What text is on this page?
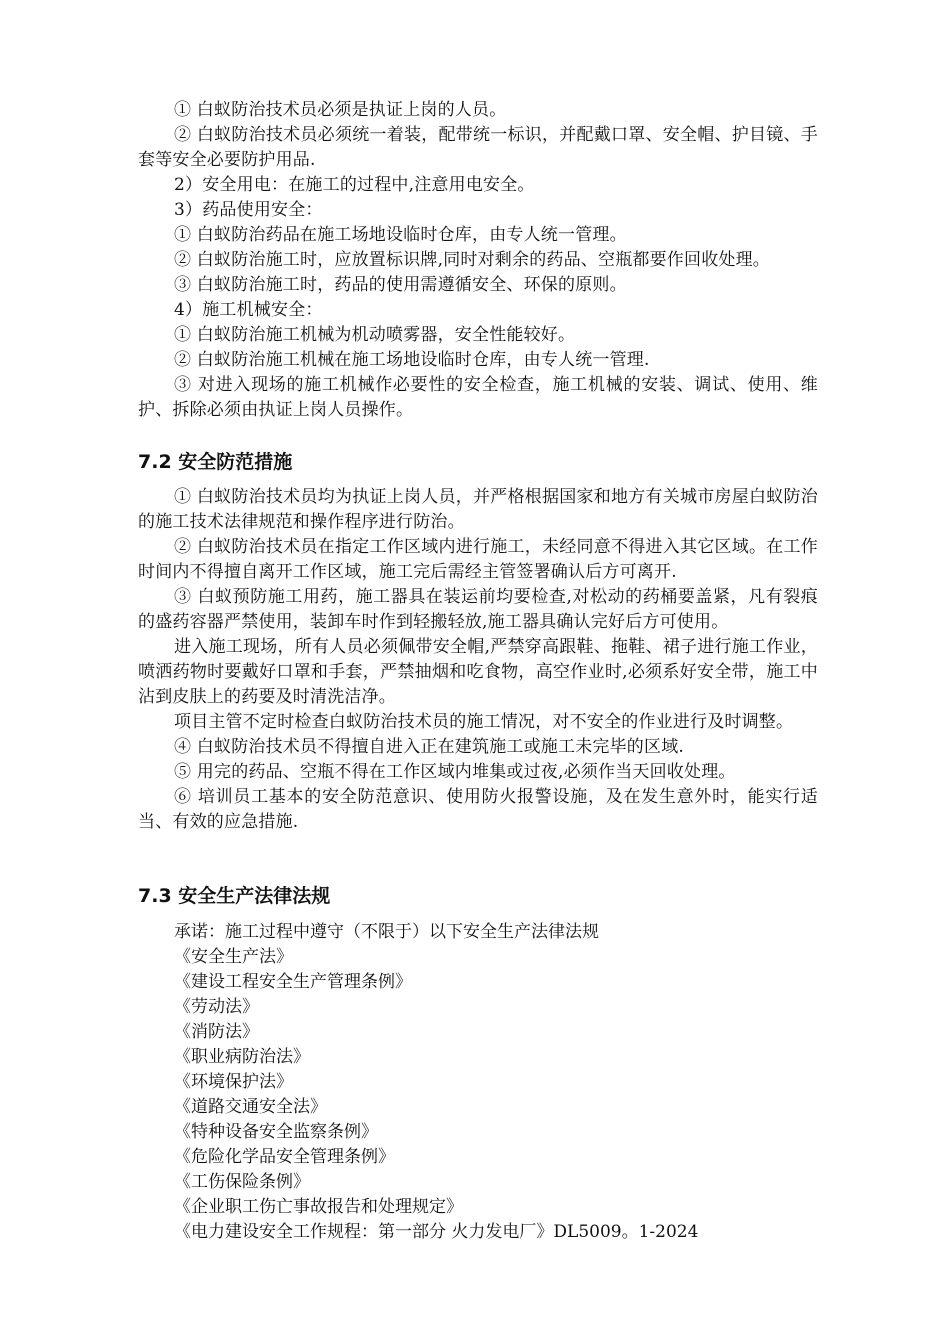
① 白蚁防治技术员必须是执证上岗的人员。

② 白蚁防治技术员必须统一着装，配带统一标识，并配戴口罩、安全帽、护目镜、手套等安全必要防护用品.

2）安全用电：在施工的过程中,注意用电安全。

3）药品使用安全：

① 白蚁防治药品在施工场地设临时仓库，由专人统一管理。

② 白蚁防治施工时，应放置标识牌,同时对剩余的药品、空瓶都要作回收处理。

③ 白蚁防治施工时，药品的使用需遵循安全、环保的原则。

4）施工机械安全：

① 白蚁防治施工机械为机动喷雾器，安全性能较好。

② 白蚁防治施工机械在施工场地设临时仓库，由专人统一管理.

③ 对进入现场的施工机械作必要性的安全检查，施工机械的安装、调试、使用、维护、拆除必须由执证上岗人员操作。

7.2 安全防范措施

① 白蚁防治技术员均为执证上岗人员，并严格根据国家和地方有关城市房屋白蚁防治的施工技术法律规范和操作程序进行防治。

② 白蚁防治技术员在指定工作区域内进行施工，未经同意不得进入其它区域。在工作时间内不得擅自离开工作区域，施工完后需经主管签署确认后方可离开.

③ 白蚁预防施工用药，施工器具在装运前均要检查,对松动的药桶要盖紧，凡有裂痕的盛药容器严禁使用，装卸车时作到轻搬轻放,施工器具确认完好后方可使用。

进入施工现场，所有人员必须佩带安全帽,严禁穿高跟鞋、拖鞋、裙子进行施工作业，喷洒药物时要戴好口罩和手套，严禁抽烟和吃食物，高空作业时,必须系好安全带，施工中沾到皮肤上的药要及时清洗洁净。

项目主管不定时检查白蚁防治技术员的施工情况，对不安全的作业进行及时调整。

④ 白蚁防治技术员不得擅自进入正在建筑施工或施工未完毕的区域.

⑤ 用完的药品、空瓶不得在工作区域内堆集或过夜,必须作当天回收处理。

⑥ 培训员工基本的安全防范意识、使用防火报警设施，及在发生意外时，能实行适当、有效的应急措施.

7.3 安全生产法律法规

承诺：施工过程中遵守（不限于）以下安全生产法律法规

《安全生产法》

《建设工程安全生产管理条例》

《劳动法》

《消防法》

《职业病防治法》

《环境保护法》

《道路交通安全法》

《特种设备安全监察条例》

《危险化学品安全管理条例》

《工伤保险条例》

《企业职工伤亡事故报告和处理规定》

《电力建设安全工作规程：第一部分 火力发电厂》DL5009。1-2024
